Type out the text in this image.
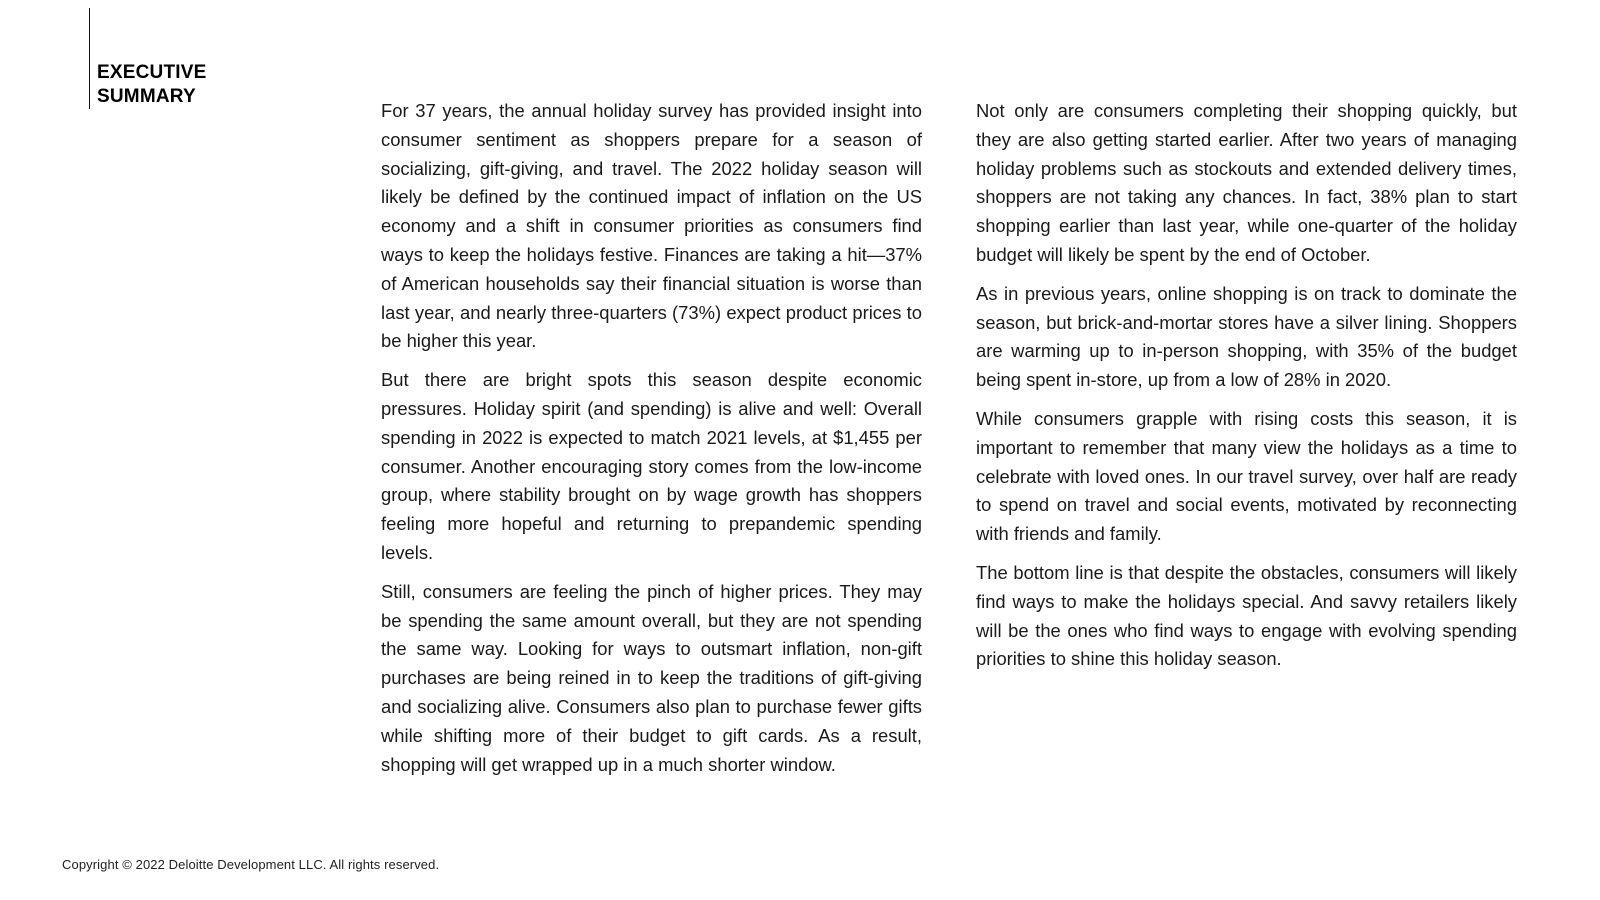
EXECUTIVE
SUMMARY

For 37 years, the annual holiday survey has provided insight into consumer sentiment as shoppers prepare for a season of socializing, gift-giving, and travel. The 2022 holiday season will likely be defined by the continued impact of inflation on the US economy and a shift in consumer priorities as consumers find ways to keep the holidays festive. Finances are taking a hit—37% of American households say their financial situation is worse than last year, and nearly three-quarters (73%) expect product prices to be higher this year.

But there are bright spots this season despite economic pressures. Holiday spirit (and spending) is alive and well: Overall spending in 2022 is expected to match 2021 levels, at $1,455 per consumer. Another encouraging story comes from the low-income group, where stability brought on by wage growth has shoppers feeling more hopeful and returning to prepandemic spending levels.

Still, consumers are feeling the pinch of higher prices. They may be spending the same amount overall, but they are not spending the same way. Looking for ways to outsmart inflation, non-gift purchases are being reined in to keep the traditions of gift-giving and socializing alive. Consumers also plan to purchase fewer gifts while shifting more of their budget to gift cards. As a result, shopping will get wrapped up in a much shorter window.

Not only are consumers completing their shopping quickly, but they are also getting started earlier. After two years of managing holiday problems such as stockouts and extended delivery times, shoppers are not taking any chances. In fact, 38% plan to start shopping earlier than last year, while one-quarter of the holiday budget will likely be spent by the end of October.

As in previous years, online shopping is on track to dominate the season, but brick-and-mortar stores have a silver lining. Shoppers are warming up to in-person shopping, with 35% of the budget being spent in-store, up from a low of 28% in 2020.

While consumers grapple with rising costs this season, it is important to remember that many view the holidays as a time to celebrate with loved ones. In our travel survey, over half are ready to spend on travel and social events, motivated by reconnecting with friends and family.

The bottom line is that despite the obstacles, consumers will likely find ways to make the holidays special. And savvy retailers likely will be the ones who find ways to engage with evolving spending priorities to shine this holiday season.

Copyright © 2022 Deloitte Development LLC. All rights reserved.
